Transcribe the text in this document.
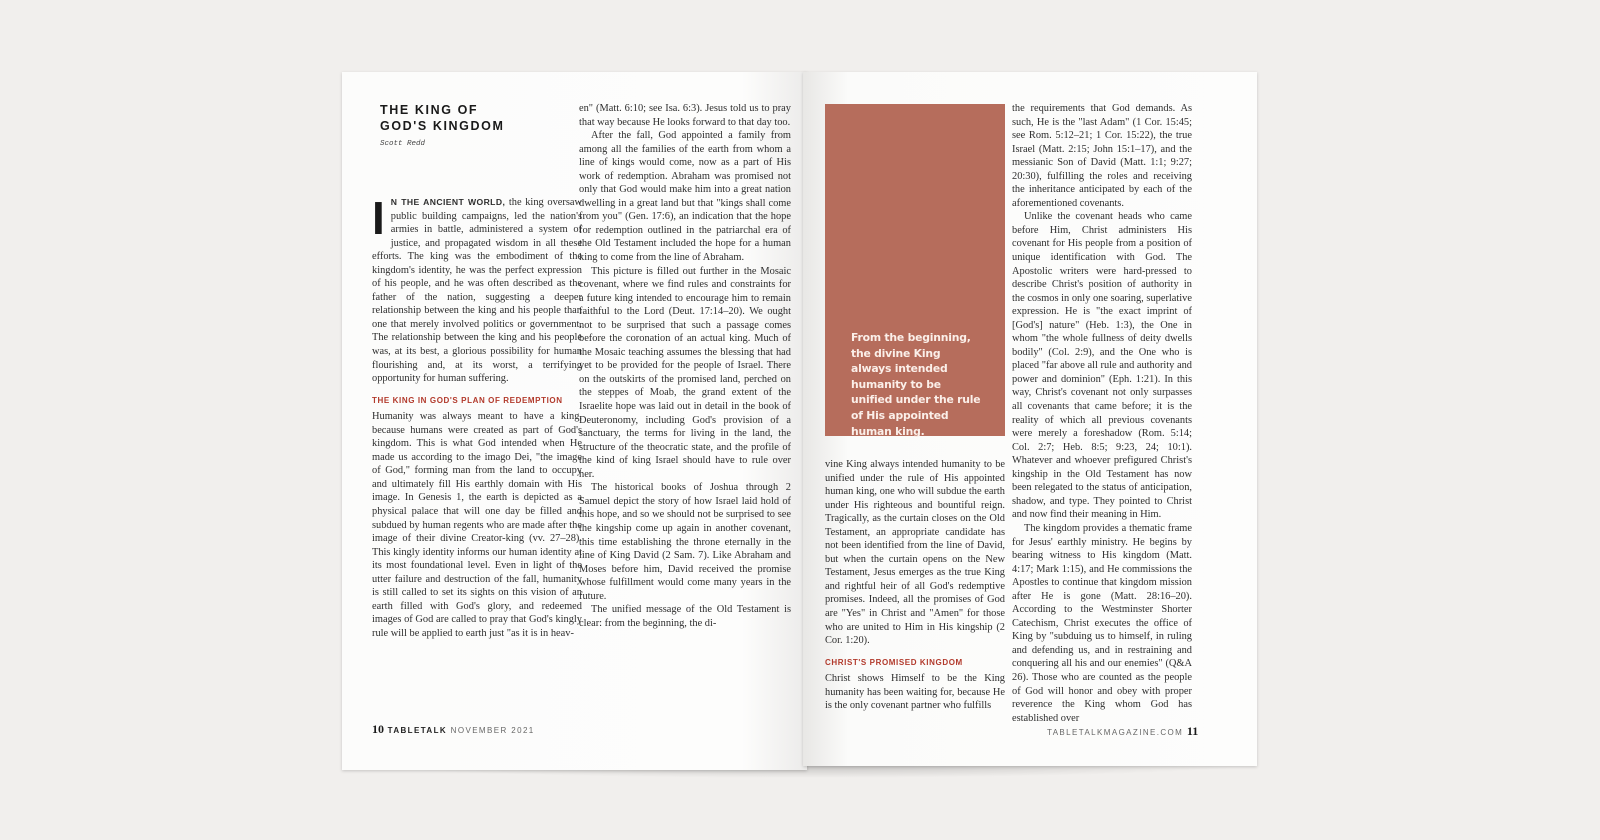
THE KING OF
GOD'S KINGDOM
Scott Redd

I N THE ANCIENT WORLD, the king oversaw public building campaigns, led the nation's armies in battle, administered a system of justice, and propagated wisdom in all these efforts. The king was the embodiment of the kingdom's identity, he was the perfect expression of his people, and he was often described as the father of the nation, suggesting a deeper relationship between the king and his people than one that merely involved politics or government. The relationship between the king and his people was, at its best, a glorious possibility for human flourishing and, at its worst, a terrifying opportunity for human suffering.

THE KING IN GOD'S PLAN OF REDEMPTION

Humanity was always meant to have a king, because humans were created as part of God's kingdom. This is what God intended when He made us according to the imago Dei, "the image of God," forming man from the land to occupy and ultimately fill His earthly domain with His image. In Genesis 1, the earth is depicted as a physical palace that will one day be filled and subdued by human regents who are made after the image of their divine Creator-king (vv. 27–28). This kingly identity informs our human identity at its most foundational level. Even in light of the utter failure and destruction of the fall, humanity is still called to set its sights on this vision of an earth filled with God's glory, and redeemed images of God are called to pray that God's kingly rule will be applied to earth just "as it is in heav-

en" (Matt. 6:10; see Isa. 6:3). Jesus told us to pray that way because He looks forward to that day too.

After the fall, God appointed a family from among all the families of the earth from whom a line of kings would come, now as a part of His work of redemption. Abraham was promised not only that God would make him into a great nation dwelling in a great land but that "kings shall come from you" (Gen. 17:6), an indication that the hope for redemption outlined in the patriarchal era of the Old Testament included the hope for a human king to come from the line of Abraham.

This picture is filled out further in the Mosaic covenant, where we find rules and constraints for a future king intended to encourage him to remain faithful to the Lord (Deut. 17:14–20). We ought not to be surprised that such a passage comes before the coronation of an actual king. Much of the Mosaic teaching assumes the blessing that had yet to be provided for the people of Israel. There on the outskirts of the promised land, perched on the steppes of Moab, the grand extent of the Israelite hope was laid out in detail in the book of Deuteronomy, including God's provision of a sanctuary, the terms for living in the land, the structure of the theocratic state, and the profile of the kind of king Israel should have to rule over her.

The historical books of Joshua through 2 Samuel depict the story of how Israel laid hold of this hope, and so we should not be surprised to see the kingship come up again in another covenant, this time establishing the throne eternally in the line of King David (2 Sam. 7). Like Abraham and Moses before him, David received the promise whose fulfillment would come many years in the future.

The unified message of the Old Testament is clear: from the beginning, the di-

10 TABLETALK NOVEMBER 2021
From the beginning, the divine King always intended humanity to be unified under the rule of His appointed human king.

vine King always intended humanity to be unified under the rule of His appointed human king, one who will subdue the earth under His righteous and bountiful reign. Tragically, as the curtain closes on the Old Testament, an appropriate candidate has not been identified from the line of David, but when the curtain opens on the New Testament, Jesus emerges as the true King and rightful heir of all God's redemptive promises. Indeed, all the promises of God are "Yes" in Christ and "Amen" for those who are united to Him in His kingship (2 Cor. 1:20).

CHRIST'S PROMISED KINGDOM

Christ shows Himself to be the King humanity has been waiting for, because He is the only covenant partner who fulfills

the requirements that God demands. As such, He is the "last Adam" (1 Cor. 15:45; see Rom. 5:12–21; 1 Cor. 15:22), the true Israel (Matt. 2:15; John 15:1–17), and the messianic Son of David (Matt. 1:1; 9:27; 20:30), fulfilling the roles and receiving the inheritance anticipated by each of the aforementioned covenants.

Unlike the covenant heads who came before Him, Christ administers His covenant for His people from a position of unique identification with God. The Apostolic writers were hard-pressed to describe Christ's position of authority in the cosmos in only one soaring, superlative expression. He is "the exact imprint of [God's] nature" (Heb. 1:3), the One in whom "the whole fullness of deity dwells bodily" (Col. 2:9), and the One who is placed "far above all rule and authority and power and dominion" (Eph. 1:21). In this way, Christ's covenant not only surpasses all covenants that came before; it is the reality of which all previous covenants were merely a foreshadow (Rom. 5:14; Col. 2:7; Heb. 8:5; 9:23, 24; 10:1). Whatever and whoever prefigured Christ's kingship in the Old Testament has now been relegated to the status of anticipation, shadow, and type. They pointed to Christ and now find their meaning in Him.

The kingdom provides a thematic frame for Jesus' earthly ministry. He begins by bearing witness to His kingdom (Matt. 4:17; Mark 1:15), and He commissions the Apostles to continue that kingdom mission after He is gone (Matt. 28:16–20). According to the Westminster Shorter Catechism, Christ executes the office of King by "subduing us to himself, in ruling and defending us, and in restraining and conquering all his and our enemies" (Q&A 26). Those who are counted as the people of God will honor and obey with proper reverence the King whom God has established over

TABLETALKMAGAZINE.COM 11
